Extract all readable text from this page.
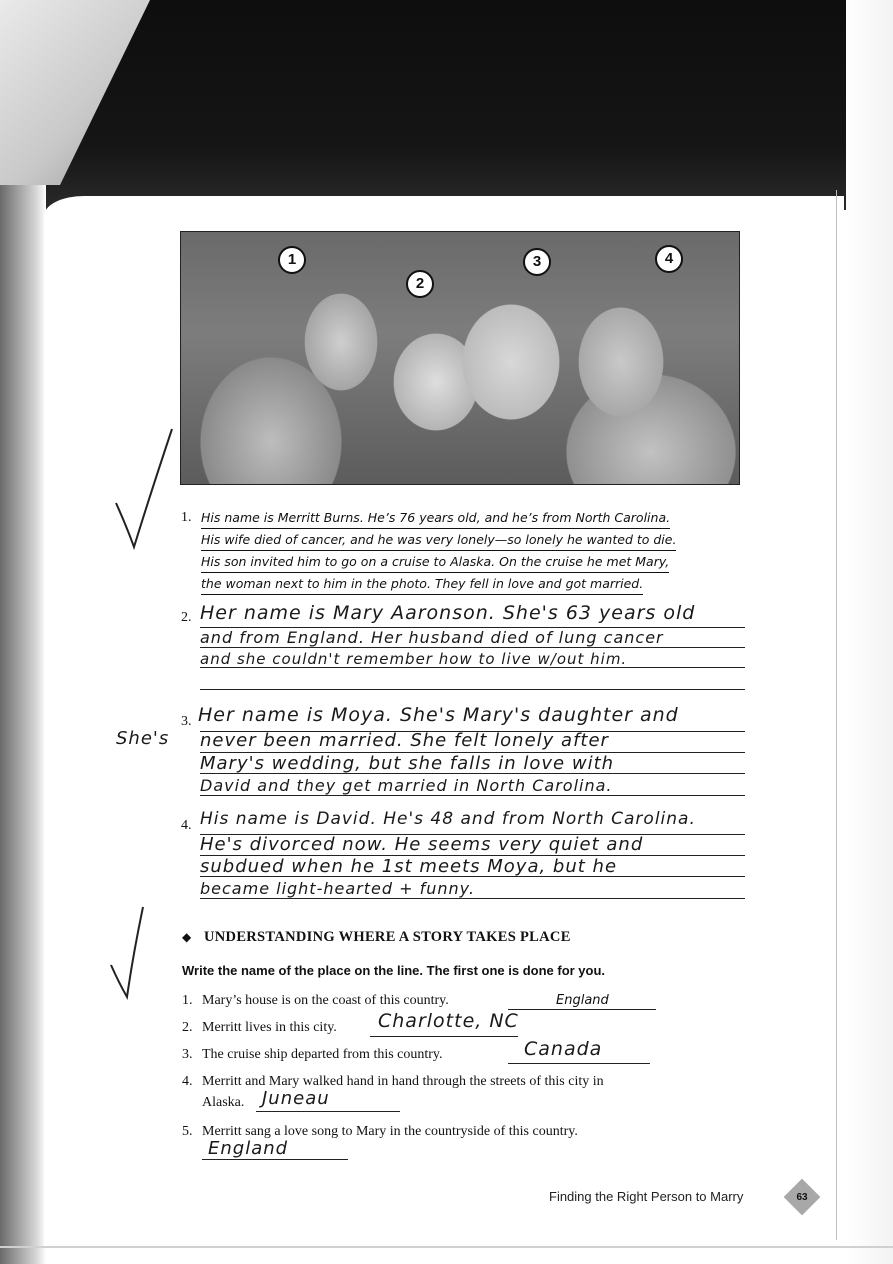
1
2
3	4
1. His name is Merritt Burns. He’s 76 years old, and he’s from North Carolina.
His wife died of cancer, and he was very lonely—so lonely he wanted to die.
His son invited him to go on a cruise to Alaska. On the cruise he met Mary,
the woman next to him in the photo. They fell in love and got married.
2. Her name is Mary Aaronson. She's 63 years old
and from England. Her husband died of lung cancer
and she couldn't remember how to live w/out him.
She's
3. Her name is Moya. She's Mary's daughter and
never been married. She felt lonely after
Mary's wedding, but she falls in love with
David and they get married in North Carolina.
4. His name is David. He's 48 and from North Carolina.
He's divorced now. He seems very quiet and
subdued when he 1st meets Moya, but he
became light-hearted + funny.
◆ UNDERSTANDING WHERE A STORY TAKES PLACE
Write the name of the place on the line. The first one is done for you.
1. Mary’s house is on the coast of this country.	England
2. Merritt lives in this city. Charlotte, NC
3. The cruise ship departed from this country.	Canada
4. Merritt and Mary walked hand in hand through the streets of this city in
Alaska. Juneau
5. Merritt sang a love song to Mary in the countryside of this country.
England
Finding the Right Person to Marry	63
